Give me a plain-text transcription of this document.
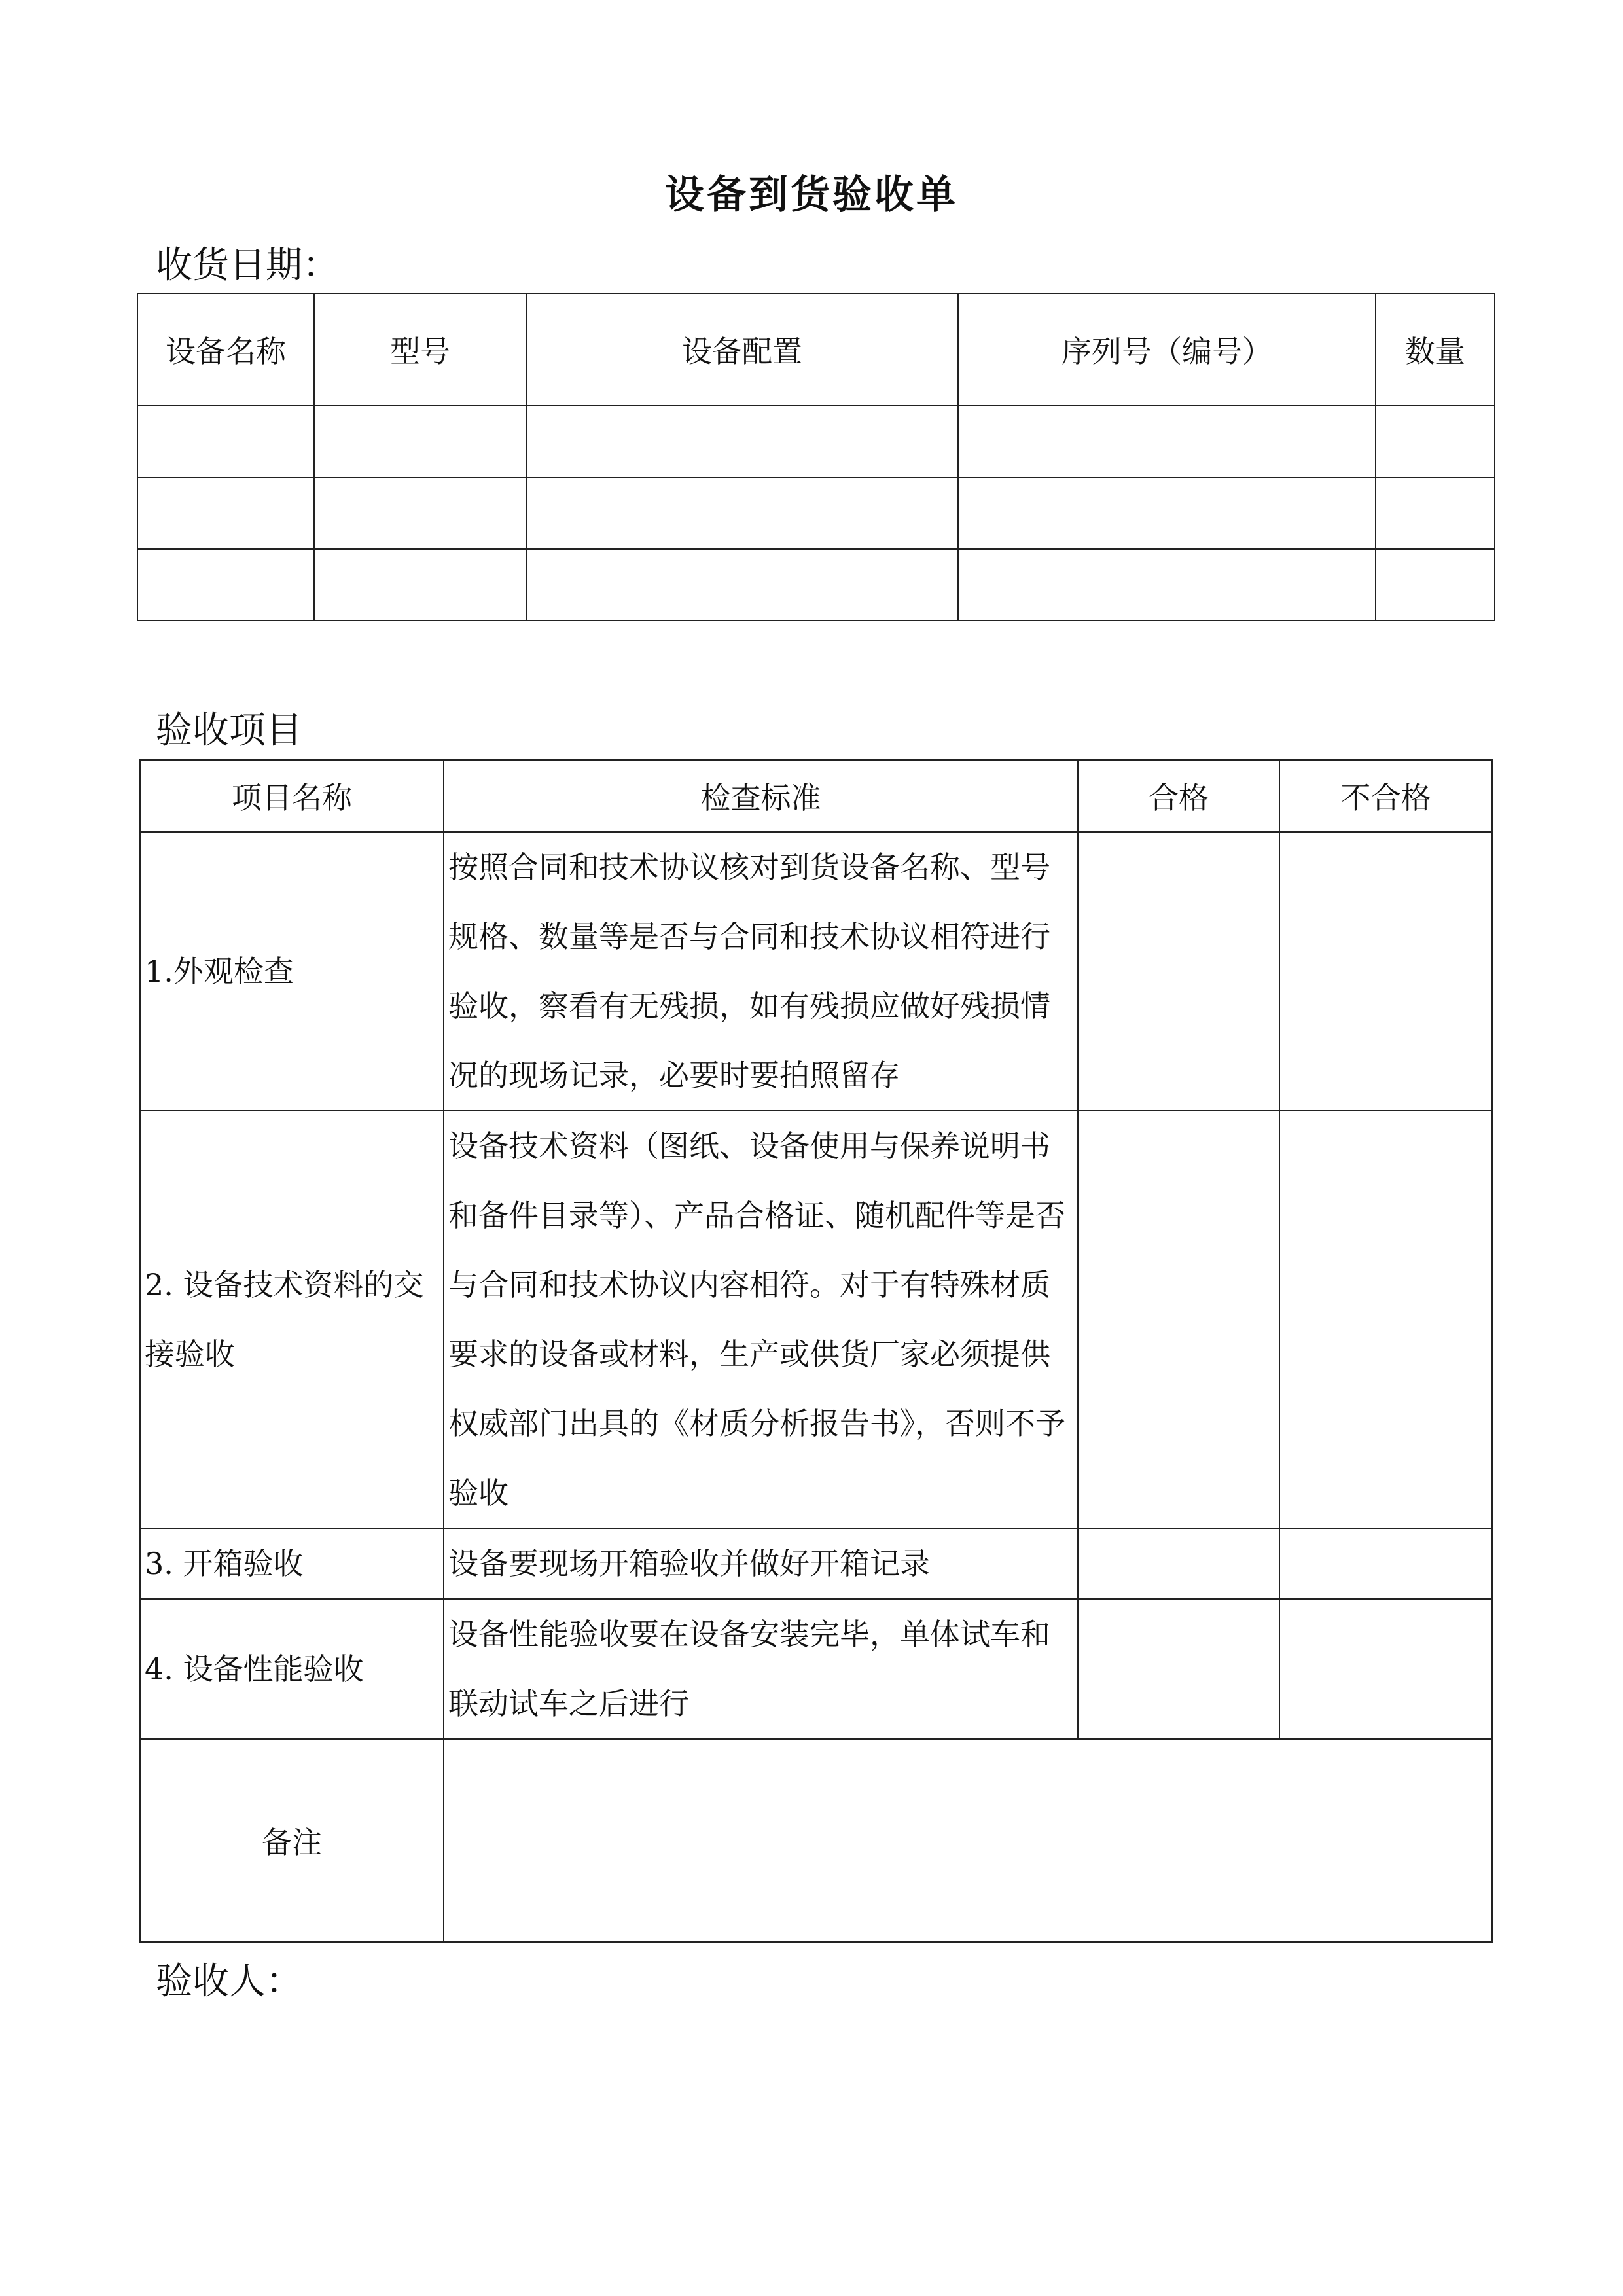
设备到货验收单
收货日期：
设备名称	型号	设备配置	序列号（编号）	数量

验收项目
项目名称	检查标准	合格	不合格
1.外观检查	按照合同和技术协议核对到货设备名称、型号规格、数量等是否与合同和技术协议相符进行验收，察看有无残损，如有残损应做好残损情况的现场记录，必要时要拍照留存		
2. 设备技术资料的交接验收	设备技术资料（图纸、设备使用与保养说明书和备件目录等）、产品合格证、随机配件等是否与合同和技术协议内容相符。对于有特殊材质要求的设备或材料，生产或供货厂家必须提供权威部门出具的《材质分析报告书》，否则不予验收		
3. 开箱验收	设备要现场开箱验收并做好开箱记录		
4. 设备性能验收	设备性能验收要在设备安装完毕，单体试车和联动试车之后进行		
备注			
验收人：
